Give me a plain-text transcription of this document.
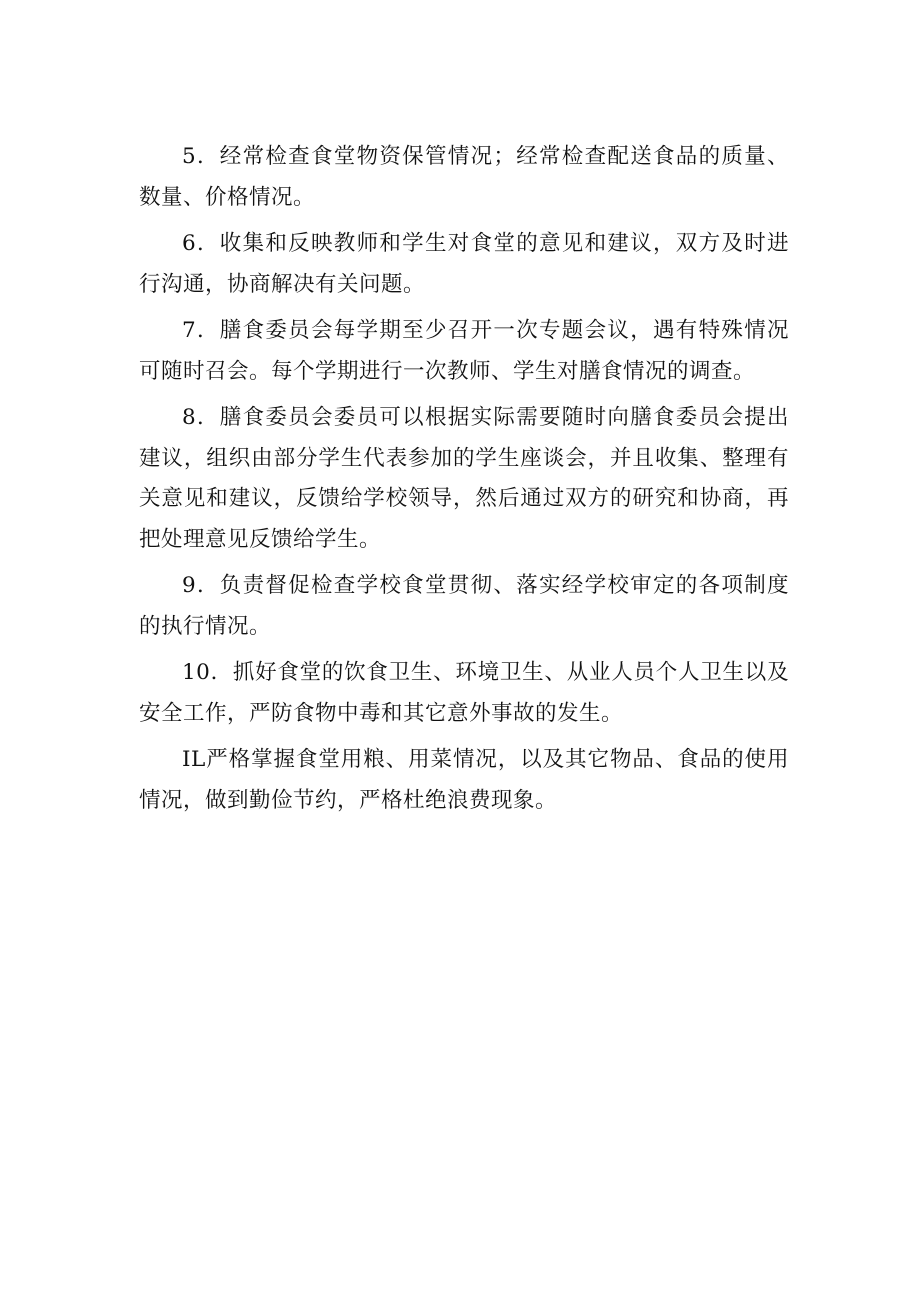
5．经常检查食堂物资保管情况；经常检查配送食品的质量、数量、价格情况。

6．收集和反映教师和学生对食堂的意见和建议，双方及时进行沟通，协商解决有关问题。

7．膳食委员会每学期至少召开一次专题会议，遇有特殊情况可随时召会。每个学期进行一次教师、学生对膳食情况的调查。

8．膳食委员会委员可以根据实际需要随时向膳食委员会提出建议，组织由部分学生代表参加的学生座谈会，并且收集、整理有关意见和建议，反馈给学校领导，然后通过双方的研究和协商，再把处理意见反馈给学生。

9．负责督促检查学校食堂贯彻、落实经学校审定的各项制度的执行情况。

10．抓好食堂的饮食卫生、环境卫生、从业人员个人卫生以及安全工作，严防食物中毒和其它意外事故的发生。

IL严格掌握食堂用粮、用菜情况，以及其它物品、食品的使用情况，做到勤俭节约，严格杜绝浪费现象。
